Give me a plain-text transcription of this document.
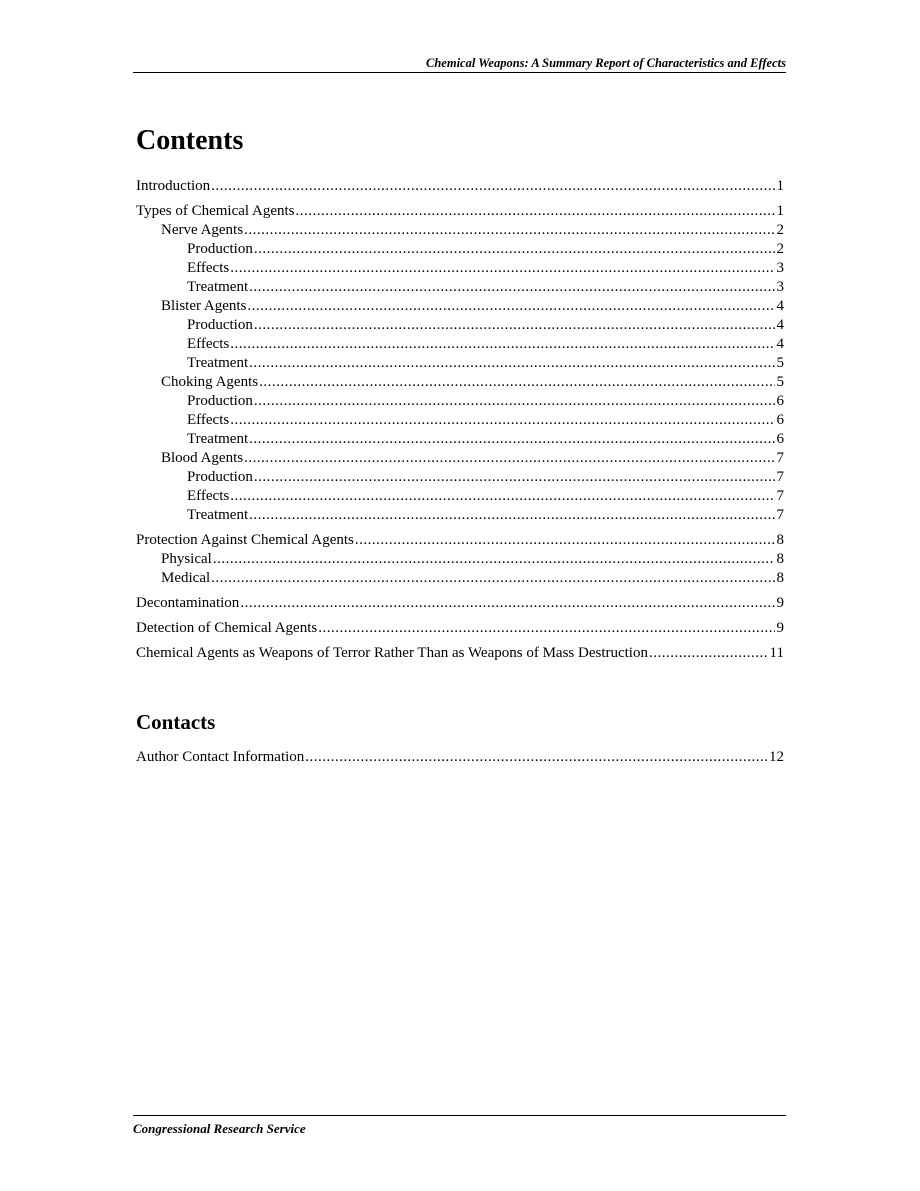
Chemical Weapons: A Summary Report of Characteristics and Effects
Contents
Introduction .....	1
Types of Chemical Agents .....	1
Nerve Agents .....	2
Production .....	2
Effects .....	3
Treatment .....	3
Blister Agents .....	4
Production .....	4
Effects .....	4
Treatment .....	5
Choking Agents .....	5
Production .....	6
Effects .....	6
Treatment .....	6
Blood Agents .....	7
Production .....	7
Effects .....	7
Treatment .....	7
Protection Against Chemical Agents .....	8
Physical .....	8
Medical .....	8
Decontamination .....	9
Detection of Chemical Agents .....	9
Chemical Agents as Weapons of Terror Rather Than as Weapons of Mass Destruction .....	11
Contacts
Author Contact Information .....	12
Congressional Research Service
